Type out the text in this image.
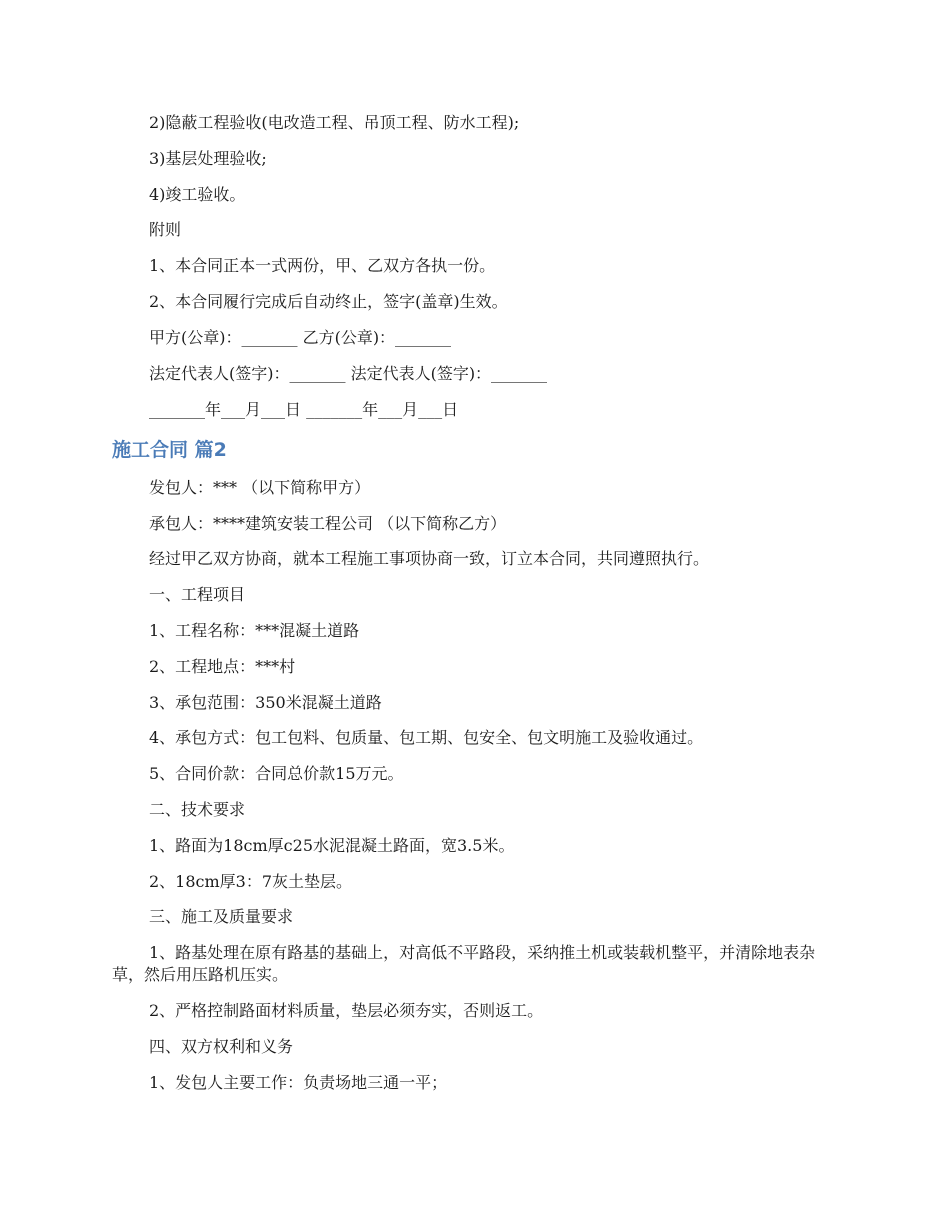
2)隐蔽工程验收(电改造工程、吊顶工程、防水工程);

3)基层处理验收;

4)竣工验收。

附则

1、本合同正本一式两份，甲、乙双方各执一份。

2、本合同履行完成后自动终止，签字(盖章)生效。

甲方(公章)：_______ 乙方(公章)：_______

法定代表人(签字)：_______ 法定代表人(签字)：_______

_______年___月___日 _______年___月___日

施工合同 篇2

发包人：*** （以下简称甲方）

承包人：****建筑安装工程公司 （以下简称乙方）

经过甲乙双方协商，就本工程施工事项协商一致，订立本合同，共同遵照执行。

一、工程项目

1、工程名称：***混凝土道路

2、工程地点：***村

3、承包范围：350米混凝土道路

4、承包方式：包工包料、包质量、包工期、包安全、包文明施工及验收通过。

5、合同价款：合同总价款15万元。

二、技术要求

1、路面为18cm厚c25水泥混凝土路面，宽3.5米。

2、18cm厚3：7灰土垫层。

三、施工及质量要求

1、路基处理在原有路基的基础上，对高低不平路段，采纳推土机或装载机整平，并清除地表杂草，然后用压路机压实。

2、严格控制路面材料质量，垫层必须夯实，否则返工。

四、双方权利和义务

1、发包人主要工作：负责场地三通一平；
